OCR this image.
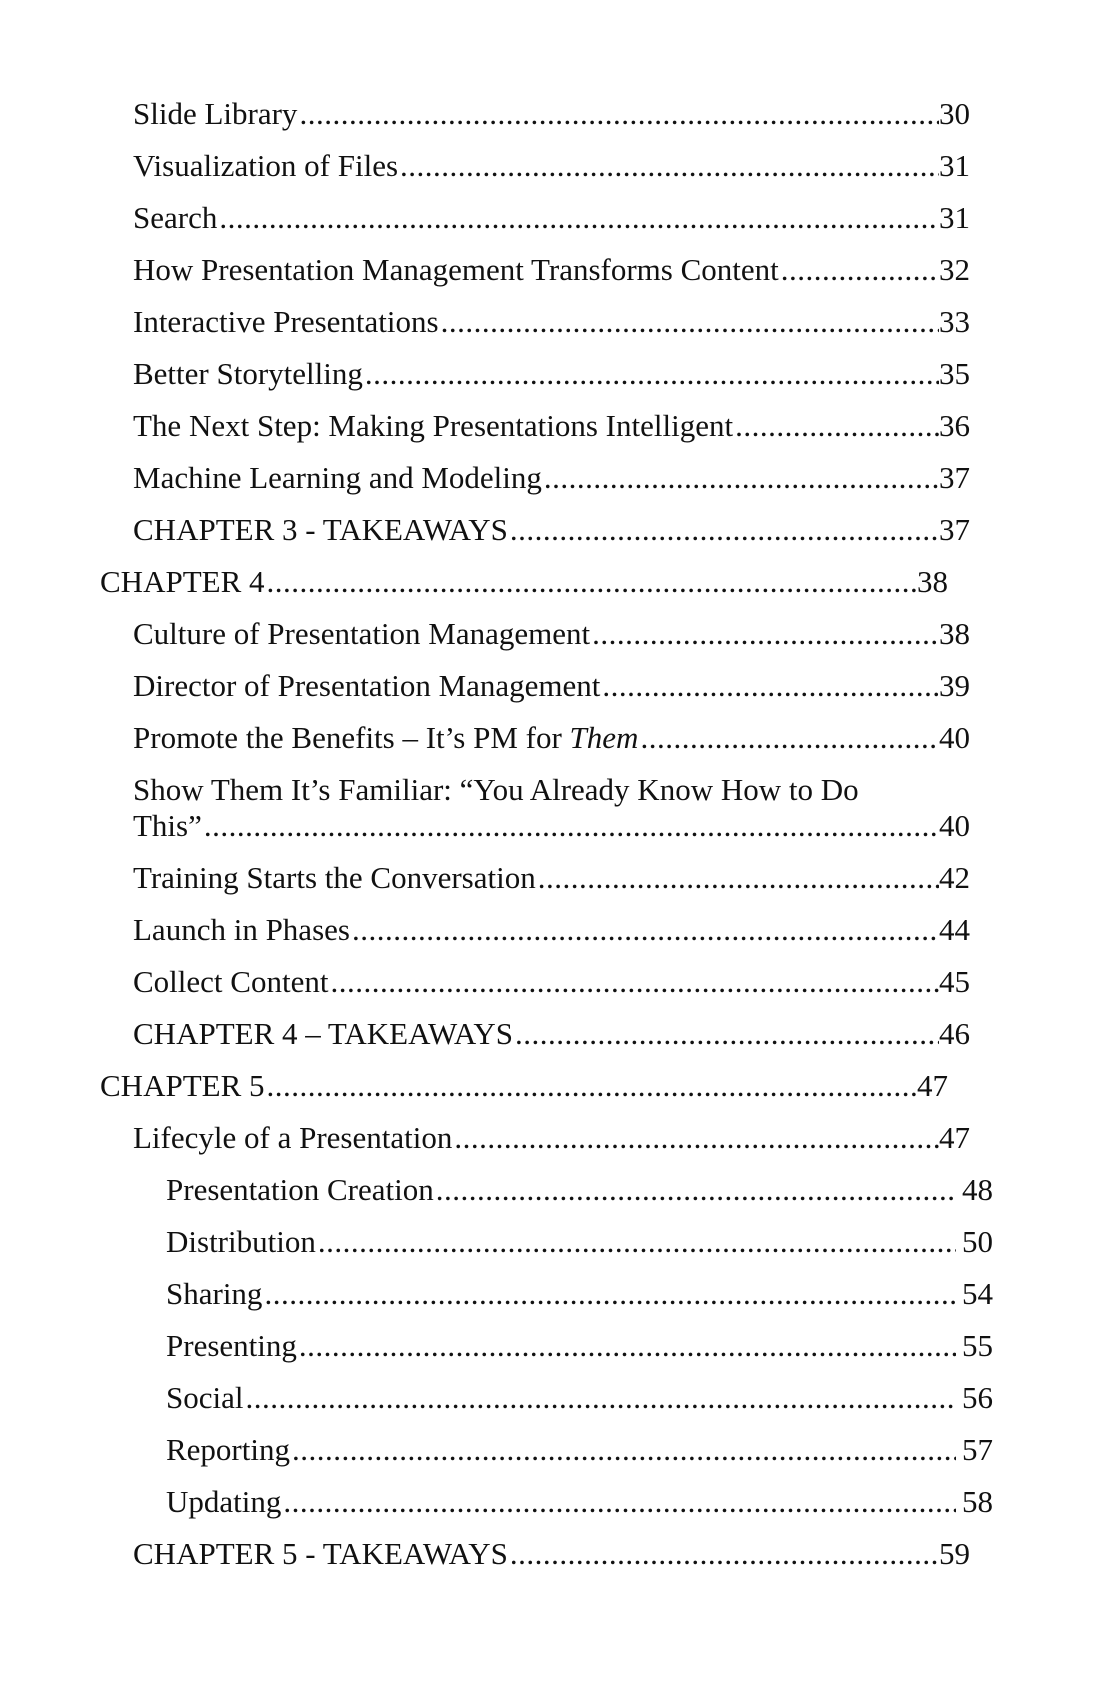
Slide Library .....	30
Visualization of Files .....	31
Search .....	31
How Presentation Management Transforms Content .....	32
Interactive Presentations .....	33
Better Storytelling .....	35
The Next Step: Making Presentations Intelligent .....	36
Machine Learning and Modeling .....	37
CHAPTER 3 - TAKEAWAYS .....	37
CHAPTER 4 .....	38
Culture of Presentation Management .....	38
Director of Presentation Management .....	39
Promote the Benefits – It’s PM for Them .....	40
Show Them It’s Familiar: “You Already Know How to Do
This” .....	40
Training Starts the Conversation .....	42
Launch in Phases .....	44
Collect Content .....	45
CHAPTER 4 – TAKEAWAYS .....	46
CHAPTER 5 .....	47
Lifecyle of a Presentation .....	47
Presentation Creation .....	48
Distribution .....	50
Sharing .....	54
Presenting .....	55
Social .....	56
Reporting .....	57
Updating .....	58
CHAPTER 5 - TAKEAWAYS .....	59
